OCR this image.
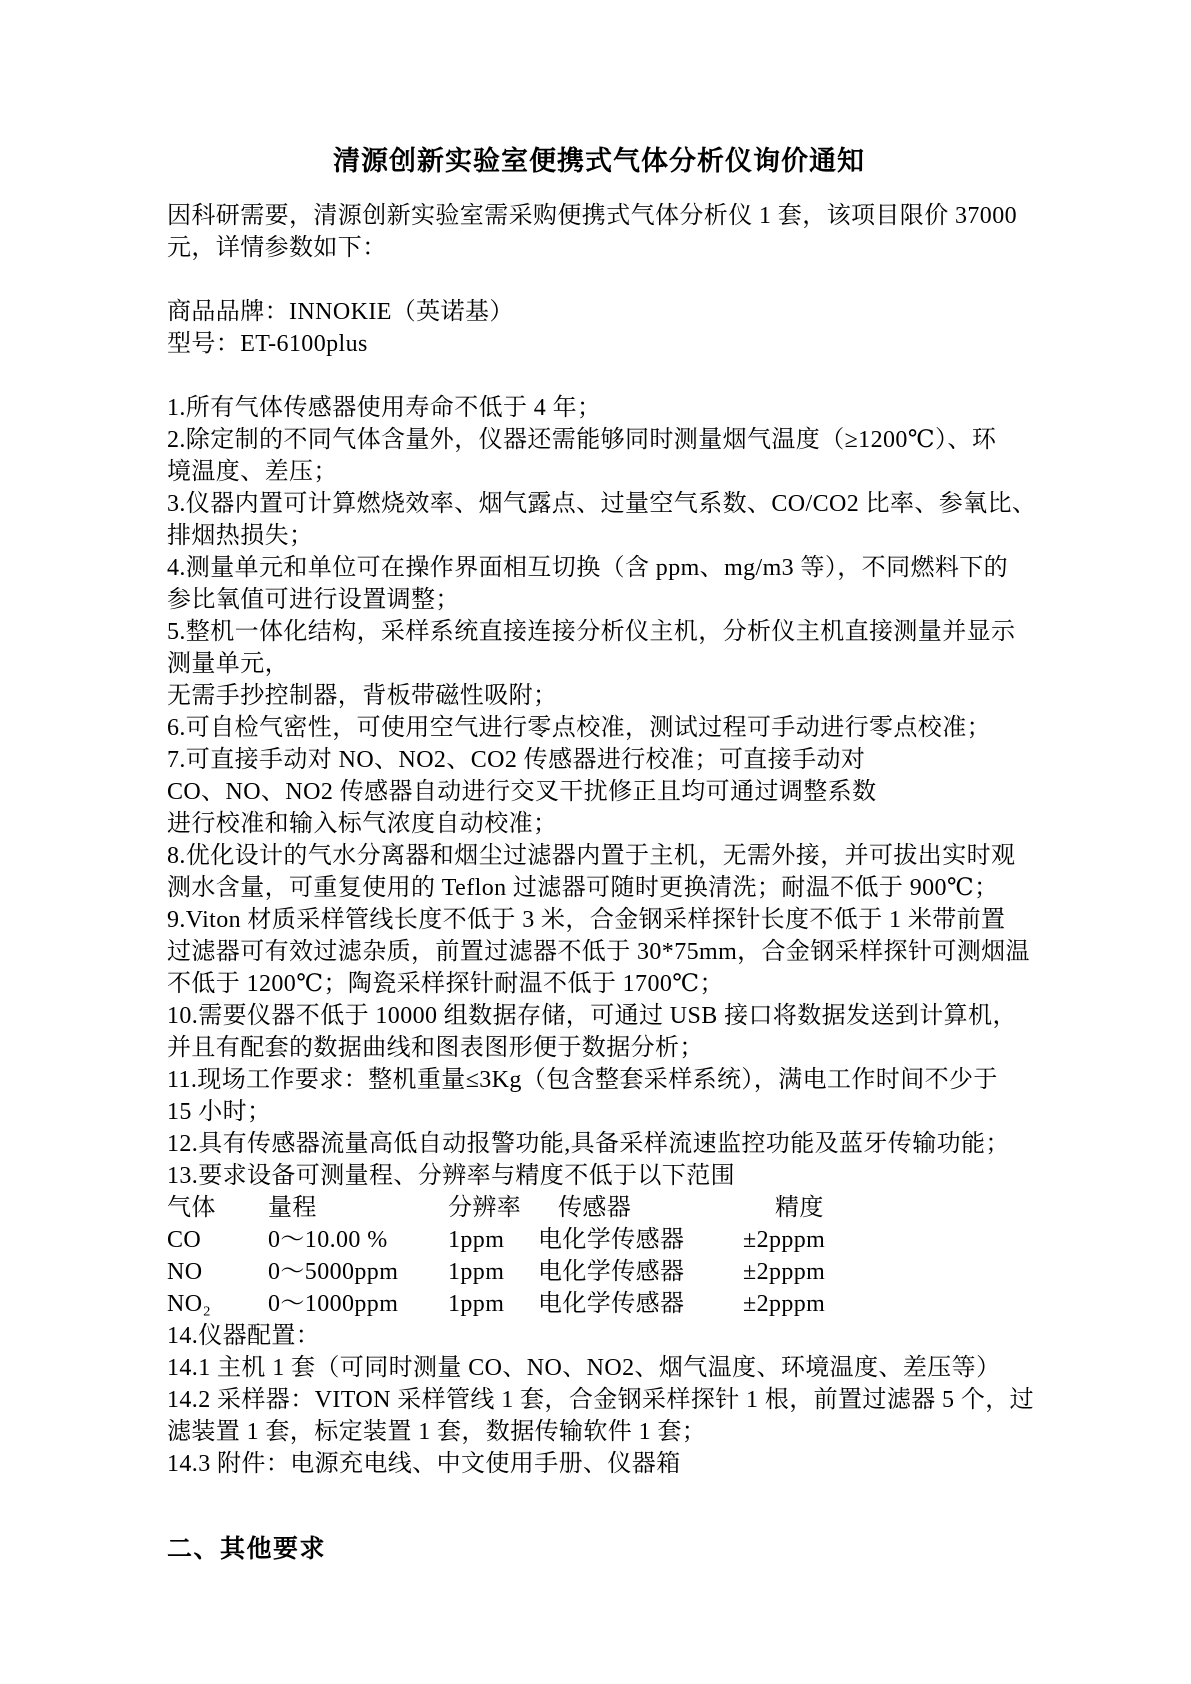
清源创新实验室便携式气体分析仪询价通知
因科研需要，清源创新实验室需采购便携式气体分析仪 1 套，该项目限价 37000
元，详情参数如下：

商品品牌：INNOKIE（英诺基）
型号：ET-6100plus

1.所有气体传感器使用寿命不低于 4 年；
2.除定制的不同气体含量外，仪器还需能够同时测量烟气温度（≥1200℃）、环
境温度、差压；
3.仪器内置可计算燃烧效率、烟气露点、过量空气系数、CO/CO2 比率、参氧比、
排烟热损失；
4.测量单元和单位可在操作界面相互切换（含 ppm、mg/m3 等），不同燃料下的
参比氧值可进行设置调整；
5.整机一体化结构，采样系统直接连接分析仪主机，分析仪主机直接测量并显示
测量单元，
无需手抄控制器，背板带磁性吸附；
6.可自检气密性，可使用空气进行零点校准，测试过程可手动进行零点校准；
7.可直接手动对 NO、NO2、CO2 传感器进行校准；可直接手动对
CO、NO、NO2 传感器自动进行交叉干扰修正且均可通过调整系数
进行校准和输入标气浓度自动校准；
8.优化设计的气水分离器和烟尘过滤器内置于主机，无需外接，并可拔出实时观
测水含量，可重复使用的 Teflon 过滤器可随时更换清洗；耐温不低于 900℃；
9.Viton 材质采样管线长度不低于 3 米，合金钢采样探针长度不低于 1 米带前置
过滤器可有效过滤杂质，前置过滤器不低于 30*75mm，合金钢采样探针可测烟温
不低于 1200℃；陶瓷采样探针耐温不低于 1700℃；
10.需要仪器不低于 10000 组数据存储，可通过 USB 接口将数据发送到计算机，
并且有配套的数据曲线和图表图形便于数据分析；
11.现场工作要求：整机重量≤3Kg（包含整套采样系统），满电工作时间不少于
15 小时；
12.具有传感器流量高低自动报警功能,具备采样流速监控功能及蓝牙传输功能；
13.要求设备可测量程、分辨率与精度不低于以下范围
气体	量程	分辨率	传感器	精度
CO	0～10.00 %	1ppm	电化学传感器	±2pppm
NO	0～5000ppm	1ppm	电化学传感器	±2pppm
NO₂	0～1000ppm	1ppm	电化学传感器	±2pppm
14.仪器配置：
14.1 主机 1 套（可同时测量 CO、NO、NO2、烟气温度、环境温度、差压等）
14.2 采样器：VITON 采样管线 1 套，合金钢采样探针 1 根，前置过滤器 5 个，过
滤装置 1 套，标定装置 1 套，数据传输软件 1 套；
14.3 附件：电源充电线、中文使用手册、仪器箱
二、其他要求
